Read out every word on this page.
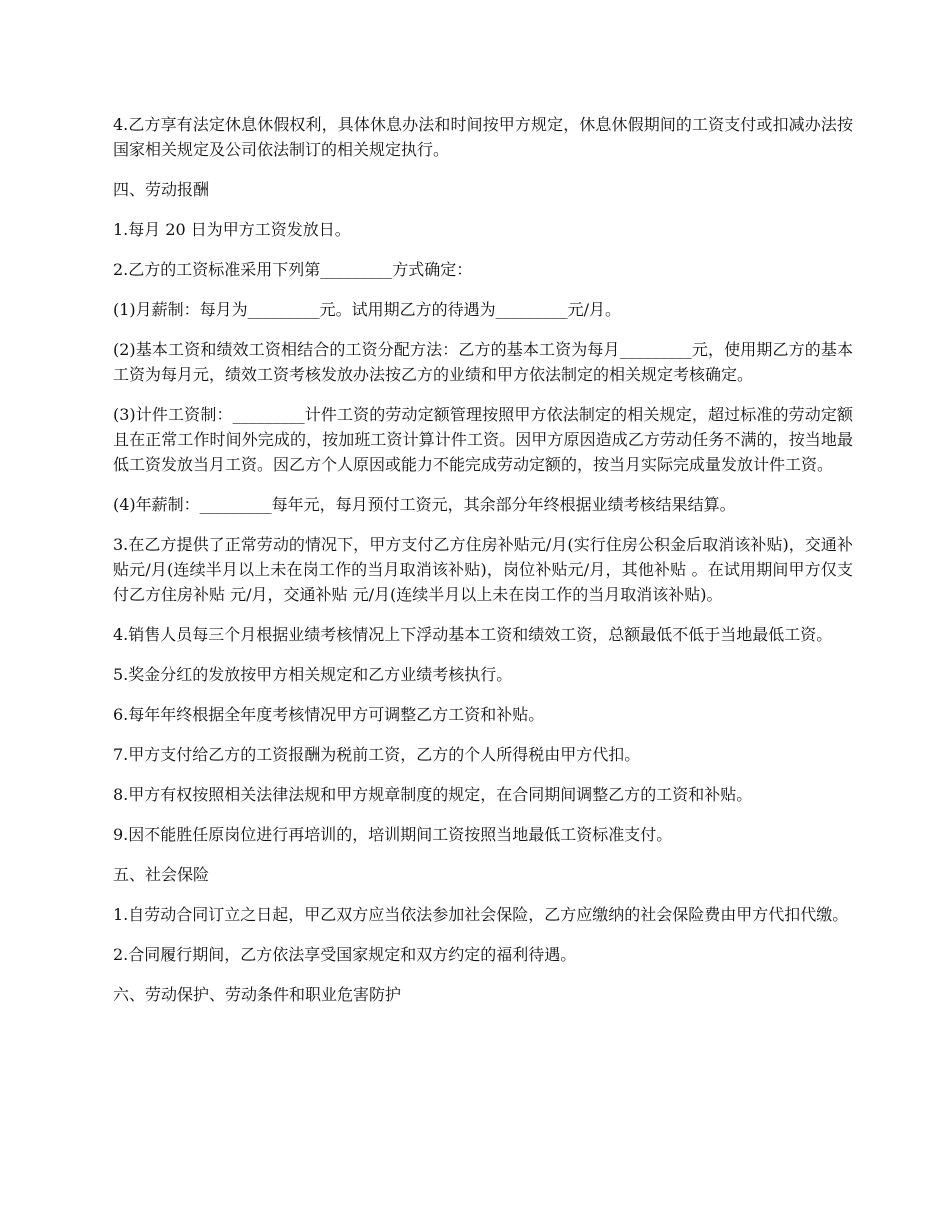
4.乙方享有法定休息休假权利，具体休息办法和时间按甲方规定，休息休假期间的工资支付或扣减办法按国家相关规定及公司依法制订的相关规定执行。

四、劳动报酬

1.每月 20 日为甲方工资发放日。

2.乙方的工资标准采用下列第_________方式确定：

(1)月薪制：每月为_________元。试用期乙方的待遇为_________元/月。

(2)基本工资和绩效工资相结合的工资分配方法：乙方的基本工资为每月_________元，使用期乙方的基本工资为每月元，绩效工资考核发放办法按乙方的业绩和甲方依法制定的相关规定考核确定。

(3)计件工资制：_________计件工资的劳动定额管理按照甲方依法制定的相关规定，超过标准的劳动定额且在正常工作时间外完成的，按加班工资计算计件工资。因甲方原因造成乙方劳动任务不满的，按当地最低工资发放当月工资。因乙方个人原因或能力不能完成劳动定额的，按当月实际完成量发放计件工资。

(4)年薪制：_________每年元，每月预付工资元，其余部分年终根据业绩考核结果结算。

3.在乙方提供了正常劳动的情况下，甲方支付乙方住房补贴元/月(实行住房公积金后取消该补贴)，交通补贴元/月(连续半月以上未在岗工作的当月取消该补贴)，岗位补贴元/月，其他补贴 。在试用期间甲方仅支付乙方住房补贴 元/月，交通补贴 元/月(连续半月以上未在岗工作的当月取消该补贴)。

4.销售人员每三个月根据业绩考核情况上下浮动基本工资和绩效工资，总额最低不低于当地最低工资。

5.奖金分红的发放按甲方相关规定和乙方业绩考核执行。

6.每年年终根据全年度考核情况甲方可调整乙方工资和补贴。

7.甲方支付给乙方的工资报酬为税前工资，乙方的个人所得税由甲方代扣。

8.甲方有权按照相关法律法规和甲方规章制度的规定，在合同期间调整乙方的工资和补贴。

9.因不能胜任原岗位进行再培训的，培训期间工资按照当地最低工资标准支付。

五、社会保险

1.自劳动合同订立之日起，甲乙双方应当依法参加社会保险，乙方应缴纳的社会保险费由甲方代扣代缴。

2.合同履行期间，乙方依法享受国家规定和双方约定的福利待遇。

六、劳动保护、劳动条件和职业危害防护
